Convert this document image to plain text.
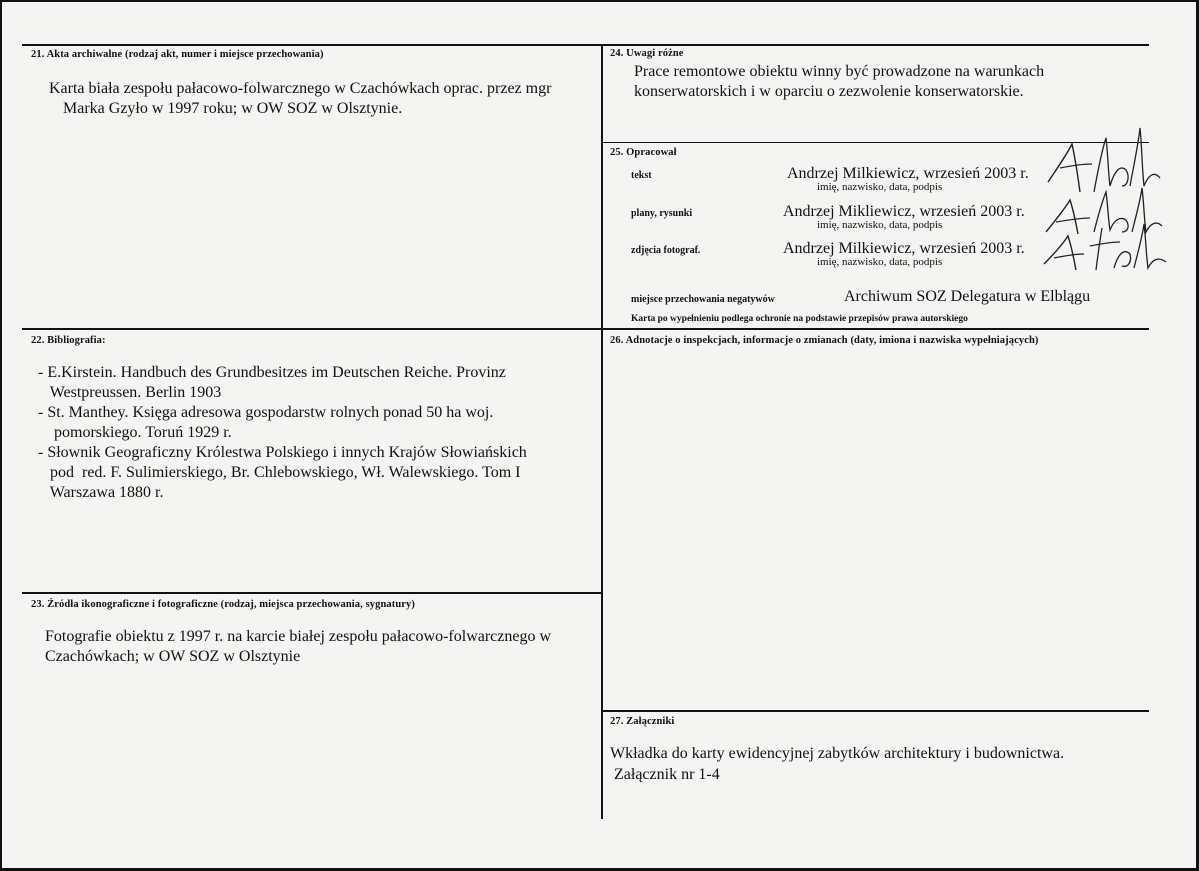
21. Akta archiwalne (rodzaj akt, numer i miejsce przechowania)
Karta biała zespołu pałacowo-folwarcznego w Czachówkach oprac. przez mgr
Marka Gzyło w 1997 roku; w OW SOZ w Olsztynie.
24. Uwagi różne
Prace remontowe obiektu winny być prowadzone na warunkach
konserwatorskich i w oparciu o zezwolenie konserwatorskie.
25. Opracował
tekst	Andrzej Milkiewicz, wrzesień 2003 r.
imię, nazwisko, data, podpis
plany, rysunki	Andrzej Mikliewicz, wrzesień 2003 r.
imię, nazwisko, data, podpis
zdjęcia fotograf.	Andrzej Milkiewicz, wrzesień 2003 r.
imię, nazwisko, data, podpis
miejsce przechowania negatywów	Archiwum SOZ Delegatura w Elblągu
Karta po wypełnieniu podlega ochronie na podstawie przepisów prawa autorskiego
22. Bibliografia:
- E.Kirstein. Handbuch des Grundbesitzes im Deutschen Reiche. Provinz
Westpreussen. Berlin 1903
- St. Manthey. Księga adresowa gospodarstw rolnych ponad 50 ha woj.
pomorskiego. Toruń 1929 r.
- Słownik Geograficzny Królestwa Polskiego i innych Krajów Słowiańskich
pod  red. F. Sulimierskiego, Br. Chlebowskiego, Wł. Walewskiego. Tom I
Warszawa 1880 r.
26. Adnotacje o inspekcjach, informacje o zmianach (daty, imiona i nazwiska wypełniających)
23. Źródła ikonograficzne i fotograficzne (rodzaj, miejsca przechowania, sygnatury)
Fotografie obiektu z 1997 r. na karcie białej zespołu pałacowo-folwarcznego w
Czachówkach; w OW SOZ w Olsztynie
27. Załączniki
Wkładka do karty ewidencyjnej zabytków architektury i budownictwa.
Załącznik nr 1-4
